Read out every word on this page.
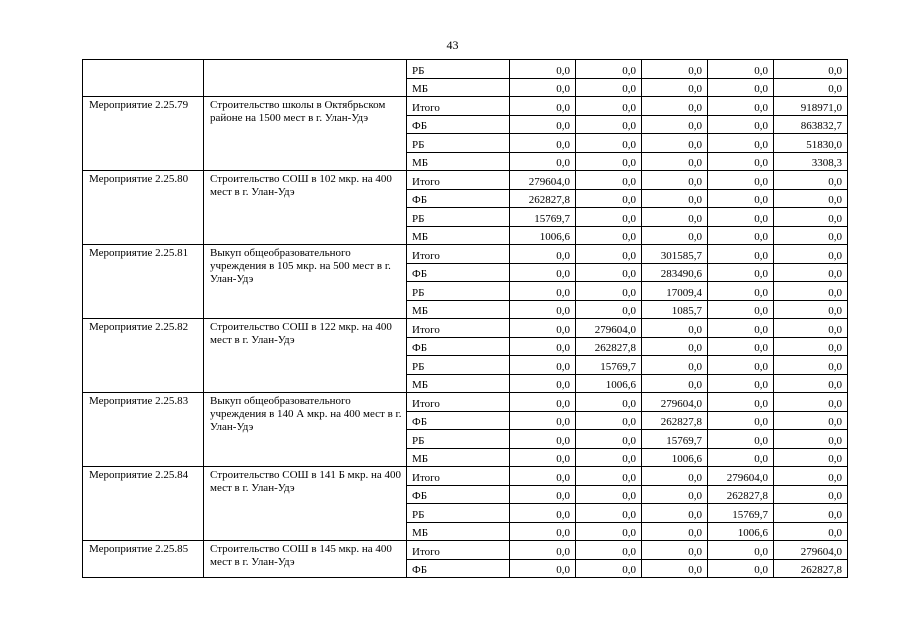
43
		РБ	0,0	0,0	0,0	0,0	0,0
		МБ	0,0	0,0	0,0	0,0	0,0
Мероприятие 2.25.79	Строительство школы в Октябрьском районе на 1500 мест в г. Улан-Удэ	Итого	0,0	0,0	0,0	0,0	918971,0
		ФБ	0,0	0,0	0,0	0,0	863832,7
		РБ	0,0	0,0	0,0	0,0	51830,0
		МБ	0,0	0,0	0,0	0,0	3308,3
Мероприятие 2.25.80	Строительство СОШ в 102 мкр. на 400 мест в г. Улан-Удэ	Итого	279604,0	0,0	0,0	0,0	0,0
		ФБ	262827,8	0,0	0,0	0,0	0,0
		РБ	15769,7	0,0	0,0	0,0	0,0
		МБ	1006,6	0,0	0,0	0,0	0,0
Мероприятие 2.25.81	Выкуп общеобразовательного учреждения в 105 мкр. на 500 мест в г. Улан-Удэ	Итого	0,0	0,0	301585,7	0,0	0,0
		ФБ	0,0	0,0	283490,6	0,0	0,0
		РБ	0,0	0,0	17009,4	0,0	0,0
		МБ	0,0	0,0	1085,7	0,0	0,0
Мероприятие 2.25.82	Строительство СОШ в 122 мкр. на 400 мест в г. Улан-Удэ	Итого	0,0	279604,0	0,0	0,0	0,0
		ФБ	0,0	262827,8	0,0	0,0	0,0
		РБ	0,0	15769,7	0,0	0,0	0,0
		МБ	0,0	1006,6	0,0	0,0	0,0
Мероприятие 2.25.83	Выкуп общеобразовательного учреждения в 140 А мкр. на 400 мест в г. Улан-Удэ	Итого	0,0	0,0	279604,0	0,0	0,0
		ФБ	0,0	0,0	262827,8	0,0	0,0
		РБ	0,0	0,0	15769,7	0,0	0,0
		МБ	0,0	0,0	1006,6	0,0	0,0
Мероприятие 2.25.84	Строительство СОШ в 141 Б мкр. на 400 мест в г. Улан-Удэ	Итого	0,0	0,0	0,0	279604,0	0,0
		ФБ	0,0	0,0	0,0	262827,8	0,0
		РБ	0,0	0,0	0,0	15769,7	0,0
		МБ	0,0	0,0	0,0	1006,6	0,0
Мероприятие 2.25.85	Строительство СОШ в 145 мкр. на 400 мест в г. Улан-Удэ	Итого	0,0	0,0	0,0	0,0	279604,0
		ФБ	0,0	0,0	0,0	0,0	262827,8
